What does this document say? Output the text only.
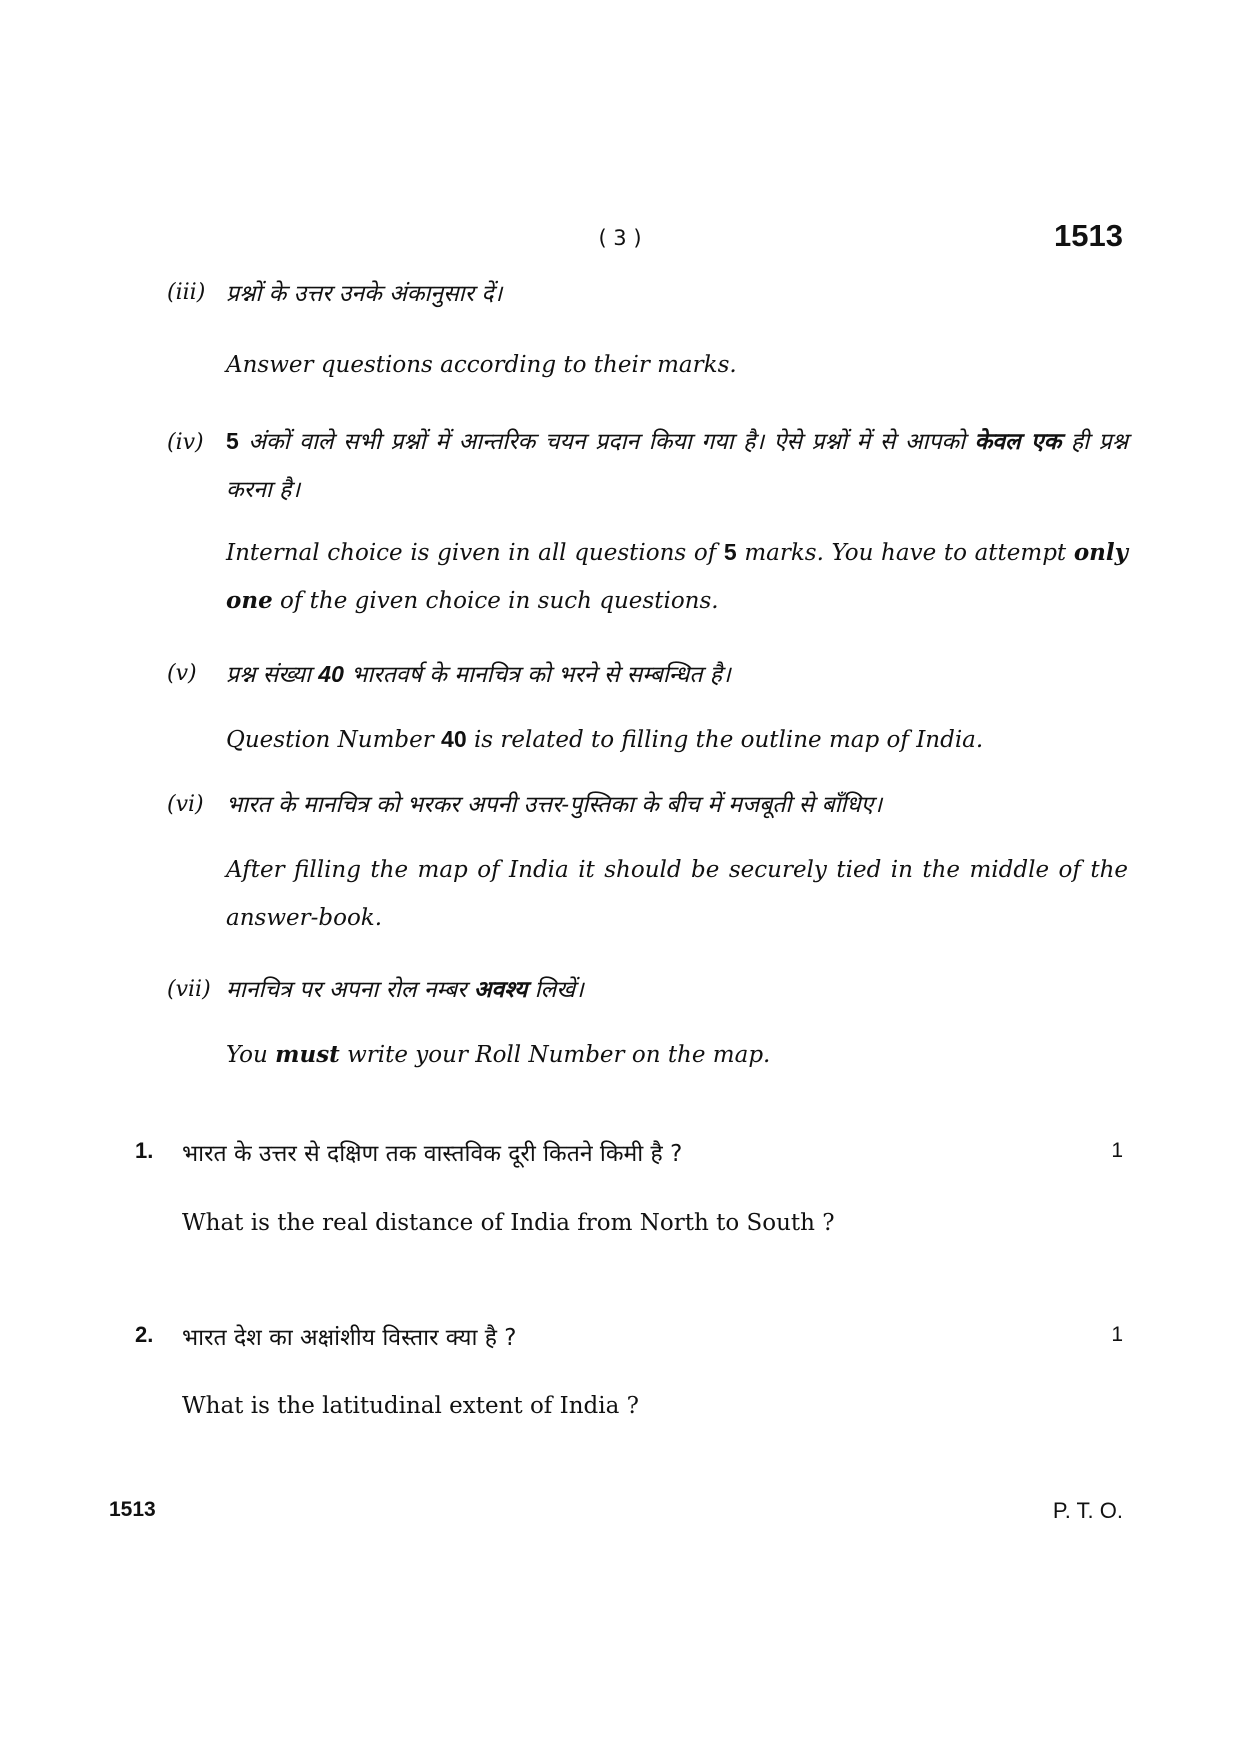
( 3 )	1513
(iii) प्रश्नों के उत्तर उनके अंकानुसार दें।
Answer questions according to their marks.
(iv) 5 अंकों वाले सभी प्रश्नों में आन्तरिक चयन प्रदान किया गया है। ऐसे प्रश्नों में से आपको केवल एक ही प्रश्न करना है।
Internal choice is given in all questions of 5 marks. You have to attempt only one of the given choice in such questions.
(v)	प्रश्न संख्या 40 भारतवर्ष के मानचित्र को भरने से सम्बन्धित है।
Question Number 40 is related to filling the outline map of India.
(vi) भारत के मानचित्र को भरकर अपनी उत्तर-पुस्तिका के बीच में मजबूती से बाँधिए।
After filling the map of India it should be securely tied in the middle of the answer-book.
(vii) मानचित्र पर अपना रोल नम्बर अवश्य लिखें।
You must write your Roll Number on the map.
1.	भारत के उत्तर से दक्षिण तक वास्तविक दूरी कितने किमी है ?	1
What is the real distance of India from North to South ?
2.	भारत देश का अक्षांशीय विस्तार क्या है ?	1
What is the latitudinal extent of India ?
1513	P. T. O.
